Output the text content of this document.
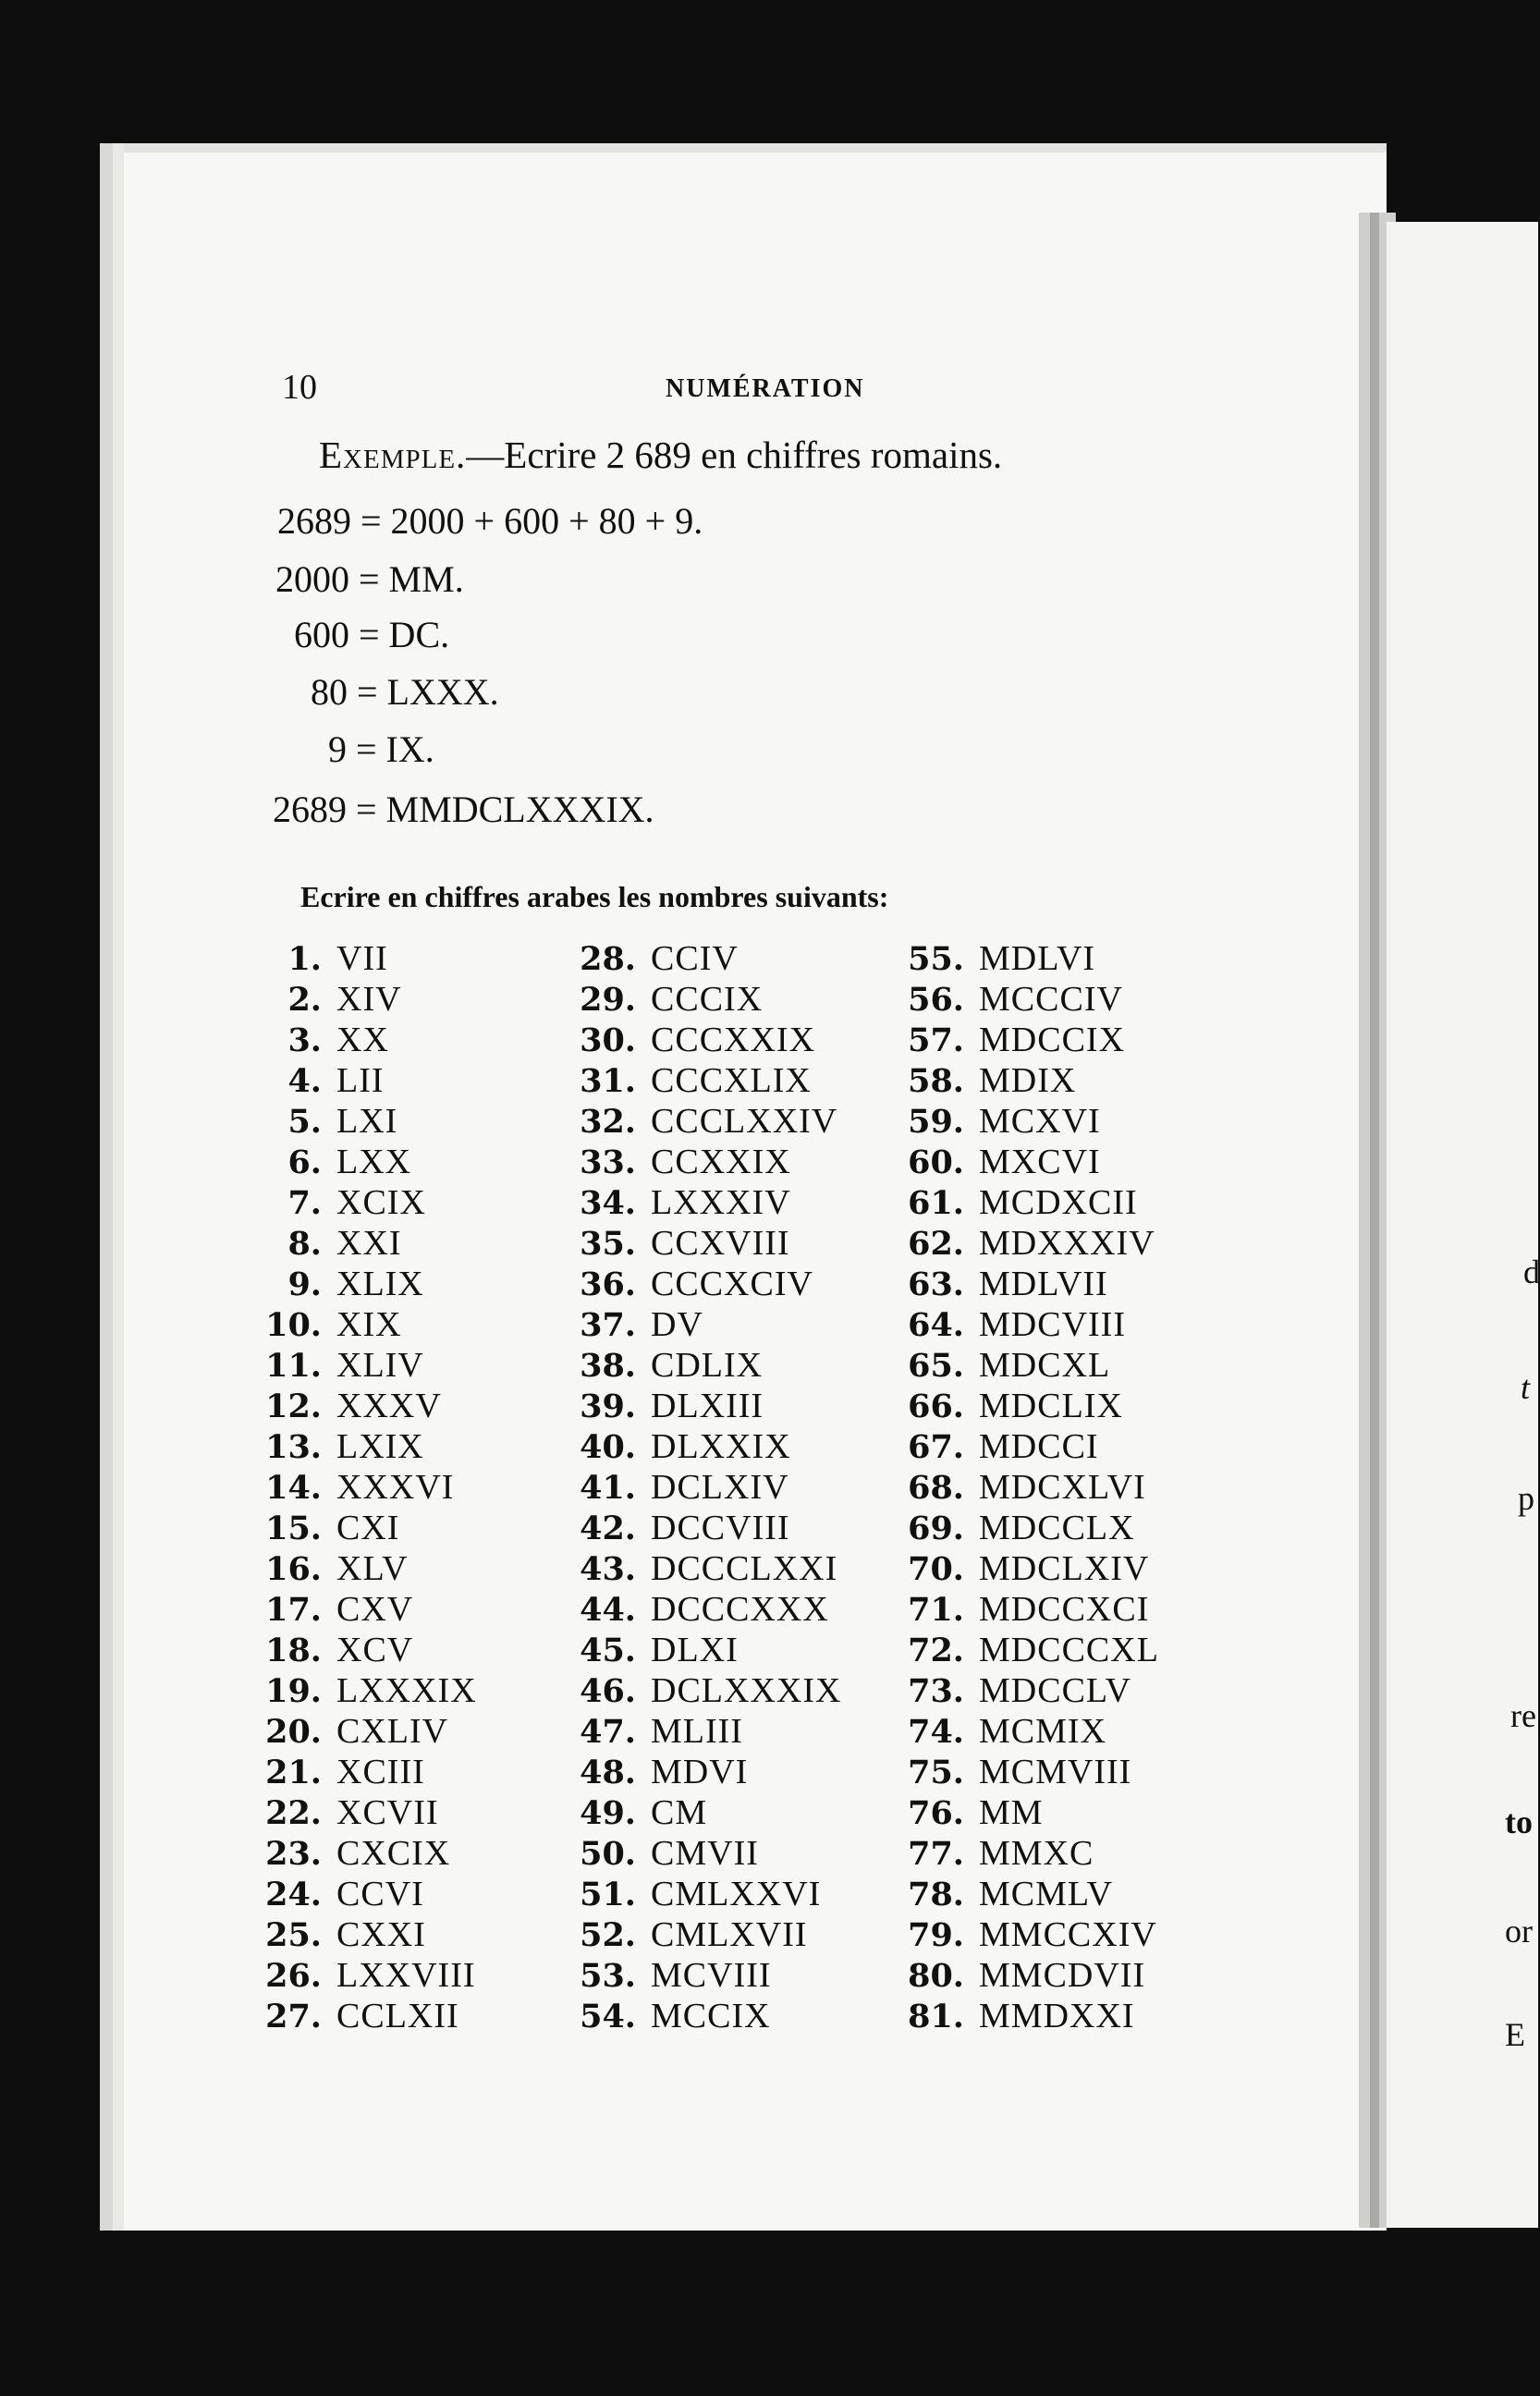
10	NUMÉRATION
Exemple.—Ecrire 2 689 en chiffres romains.
2689 = 2000 + 600 + 80 + 9.
2000 = MM.
600 = DC.
80 = LXXX.
9 = IX.
2689 = MMDCLXXXIX.
Ecrire en chiffres arabes les nombres suivants:
1. VII
2. XIV
3. XX
4. LII
5. LXI
6. LXX
7. XCIX
8. XXI
9. XLIX
10. XIX
11. XLIV
12. XXXV
13. LXIX
14. XXXVI
15. CXI
16. XLV
17. CXV
18. XCV
19. LXXXIX
20. CXLIV
21. XCIII
22. XCVII
23. CXCIX
24. CCVI
25. CXXI
26. LXXVIII
27. CCLXII
28. CCIV
29. CCCIX
30. CCCXXIX
31. CCCXLIX
32. CCCLXXIV
33. CCXXIX
34. LXXXIV
35. CCXVIII
36. CCCXCIV
37. DV
38. CDLIX
39. DLXIII
40. DLXXIX
41. DCLXIV
42. DCCVIII
43. DCCCLXXI
44. DCCCXXX
45. DLXI
46. DCLXXXIX
47. MLIII
48. MDVI
49. CM
50. CMVII
51. CMLXXVI
52. CMLXVII
53. MCVIII
54. MCCIX
55. MDLVI
56. MCCCIV
57. MDCCIX
58. MDIX
59. MCXVI
60. MXCVI
61. MCDXCII
62. MDXXXIV
63. MDLVII
64. MDCVIII
65. MDCXL
66. MDCLIX
67. MDCCI
68. MDCXLVI
69. MDCCLX
70. MDCLXIV
71. MDCCXCI
72. MDCCCXL
73. MDCCLV
74. MCMIX
75. MCMVIII
76. MM
77. MMXC
78. MCMLV
79. MMCCXIV
80. MMCDVII
81. MMDXXI
d
t
p
re
to
or
E
